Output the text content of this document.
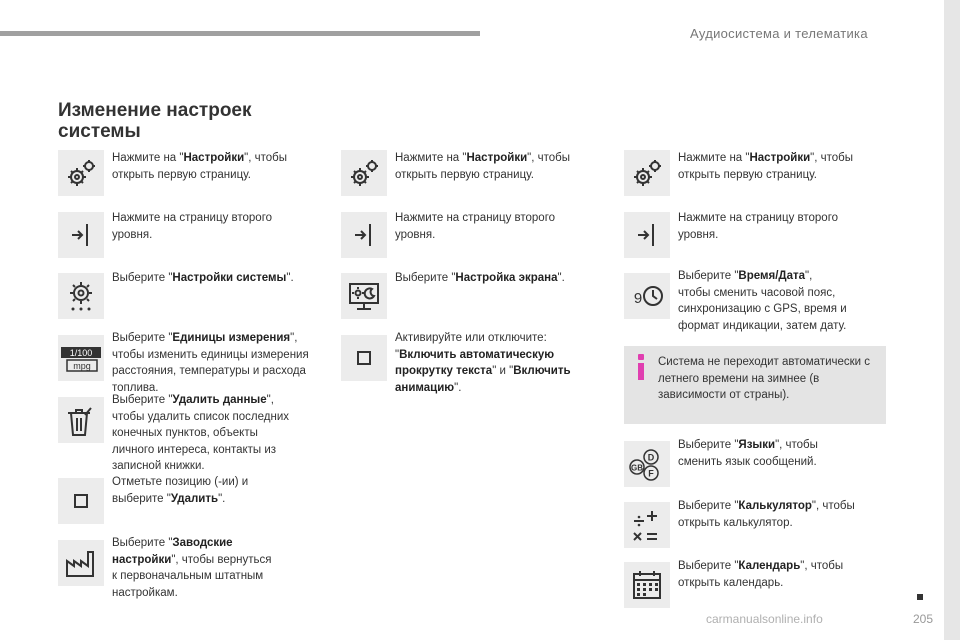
Аудиосистема и телематика
205
carmanualsonline.info
Изменение настроек
системы
Нажмите на "Настройки", чтобы
открыть первую страницу.
Нажмите на страницу второго
уровня.
Выберите "Настройки системы".
1/100
mpg
Выберите "Единицы измерения",
чтобы изменить единицы измерения
расстояния, температуры и расхода
топлива.
Выберите "Удалить данные",
чтобы удалить список последних
конечных пунктов, объекты
личного интереса, контакты из
записной книжки.
Отметьте позицию (-ии) и
выберите "Удалить".
Выберите "Заводские
настройки", чтобы вернуться
к первоначальным штатным
настройкам.
Нажмите на "Настройки", чтобы
открыть первую страницу.
Нажмите на страницу второго
уровня.
Выберите "Настройка экрана".
Активируйте или отключите:
"Включить автоматическую
прокрутку текста" и "Включить
анимацию".
Нажмите на "Настройки", чтобы
открыть первую страницу.
Нажмите на страницу второго
уровня.
9
Выберите "Время/Дата",
чтобы сменить часовой пояс,
синхронизацию с GPS, время и
формат индикации, затем дату.
Система не переходит автоматически с летнего времени на зимнее (в зависимости от страны).
D
GB
F
Выберите "Языки", чтобы
сменить язык сообщений.
Выберите "Калькулятор", чтобы
открыть калькулятор.
Выберите "Календарь", чтобы
открыть календарь.
